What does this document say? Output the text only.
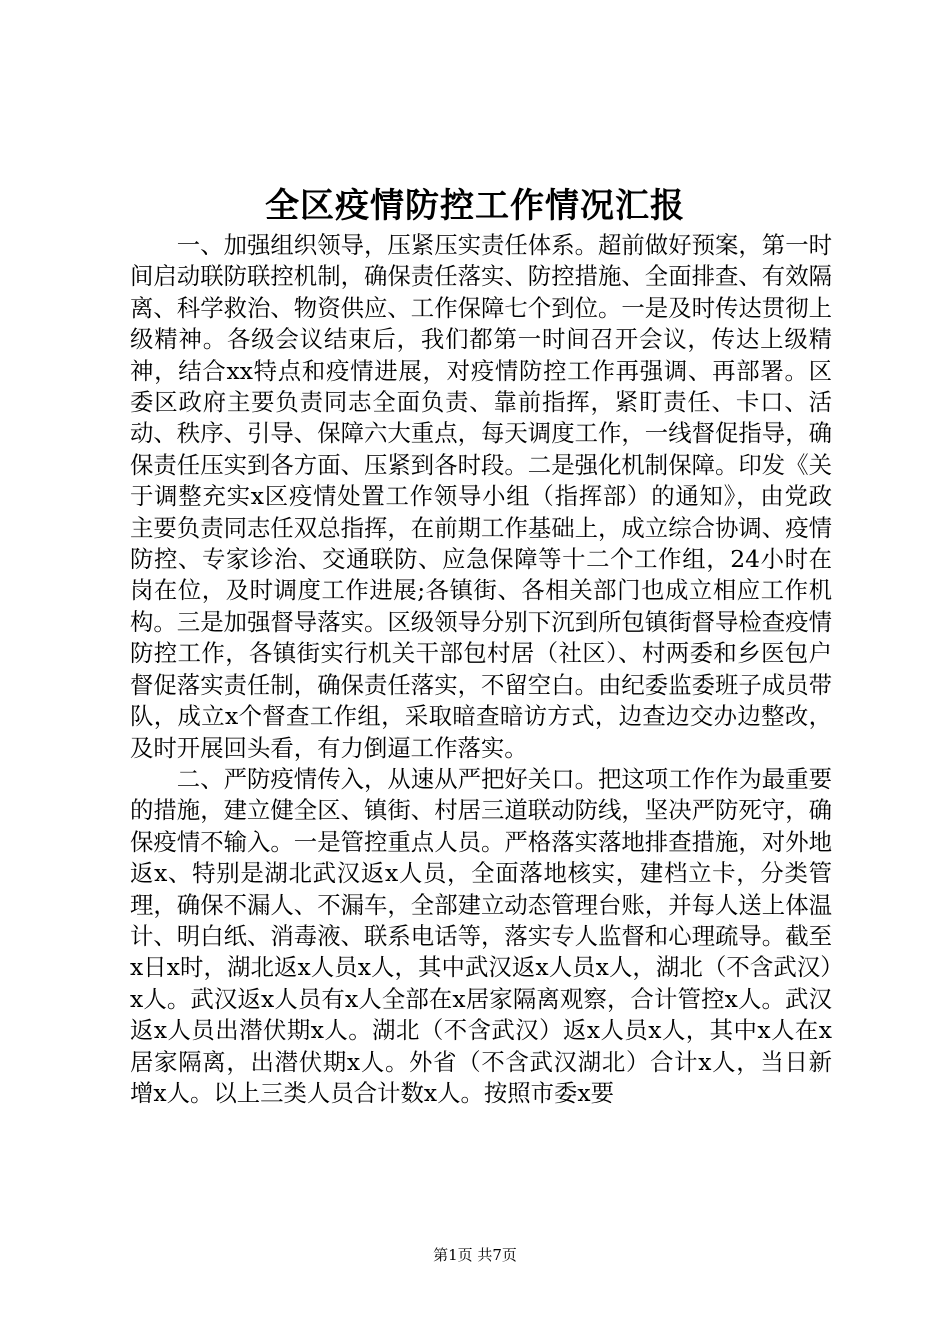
全区疫情防控工作情况汇报

一、加强组织领导，压紧压实责任体系。超前做好预案，第一时间启动联防联控机制，确保责任落实、防控措施、全面排查、有效隔离、科学救治、物资供应、工作保障七个到位。一是及时传达贯彻上级精神。各级会议结束后，我们都第一时间召开会议，传达上级精神，结合xx特点和疫情进展，对疫情防控工作再强调、再部署。区委区政府主要负责同志全面负责、靠前指挥，紧盯责任、卡口、活动、秩序、引导、保障六大重点，每天调度工作，一线督促指导，确保责任压实到各方面、压紧到各时段。二是强化机制保障。印发《关于调整充实x区疫情处置工作领导小组（指挥部）的通知》，由党政主要负责同志任双总指挥，在前期工作基础上，成立综合协调、疫情防控、专家诊治、交通联防、应急保障等十二个工作组，24小时在岗在位，及时调度工作进展;各镇街、各相关部门也成立相应工作机构。三是加强督导落实。区级领导分别下沉到所包镇街督导检查疫情防控工作，各镇街实行机关干部包村居（社区）、村两委和乡医包户督促落实责任制，确保责任落实，不留空白。由纪委监委班子成员带队，成立x个督查工作组，采取暗查暗访方式，边查边交办边整改，及时开展回头看，有力倒逼工作落实。

二、严防疫情传入，从速从严把好关口。把这项工作作为最重要的措施，建立健全区、镇街、村居三道联动防线，坚决严防死守，确保疫情不输入。一是管控重点人员。严格落实落地排查措施，对外地返x、特别是湖北武汉返x人员，全面落地核实，建档立卡，分类管理，确保不漏人、不漏车，全部建立动态管理台账，并每人送上体温计、明白纸、消毒液、联系电话等，落实专人监督和心理疏导。截至x日x时，湖北返x人员x人，其中武汉返x人员x人，湖北（不含武汉）x人。武汉返x人员有x人全部在x居家隔离观察，合计管控x人。武汉返x人员出潜伏期x人。湖北（不含武汉）返x人员x人，其中x人在x居家隔离，出潜伏期x人。外省（不含武汉湖北）合计x人，当日新增x人。以上三类人员合计数x人。按照市委x要

第1页 共7页
